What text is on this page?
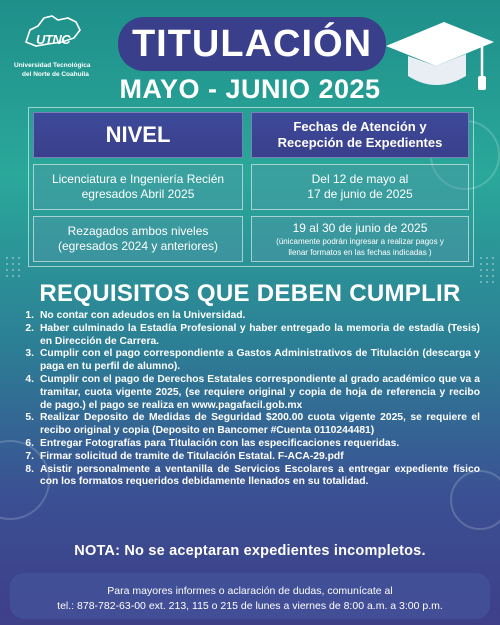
UTNC
Universidad Tecnológica
del Norte de Coahuila
TITULACIÓN
MAYO - JUNIO 2025
NIVEL	Fechas de Atención y
Recepción de Expedientes
Licenciatura e Ingeniería Recién
egresados Abril 2025
Del 12 de mayo al
17 de junio de 2025
Rezagados ambos niveles
(egresados 2024 y anteriores)
19 al 30 de junio de 2025
(únicamente podrán ingresar a realizar pagos y
llenar formatos en las fechas indicadas )
REQUISITOS QUE DEBEN CUMPLIR
1. No contar con adeudos en la Universidad.
2. Haber culminado la Estadía Profesional y haber entregado la memoria de estadía (Tesis) en Dirección de Carrera.
3. Cumplir con el pago correspondiente a Gastos Administrativos de Titulación (descarga y paga en tu perfil de alumno).
4. Cumplir con el pago de Derechos Estatales correspondiente al grado académico que va a tramitar, cuota vigente 2025, (se requiere original y copia de hoja de referencia y recibo de pago.) el pago se realiza en www.pagafacil.gob.mx
5. Realizar Deposito de Medidas de Seguridad $200.00 cuota vigente 2025, se requiere el recibo original y copia (Deposito en Bancomer #Cuenta 0110244481)
6. Entregar Fotografías para Titulación con las especificaciones requeridas.
7. Firmar solicitud de tramite de Titulación Estatal. F-ACA-29.pdf
8. Asistir personalmente a ventanilla de Servicios Escolares a entregar expediente físico con los formatos requeridos debidamente llenados en su totalidad.
NOTA: No se aceptaran expedientes incompletos.
Para mayores informes o aclaración de dudas, comunícate al
tel.: 878-782-63-00 ext. 213, 115 o 215 de lunes a viernes de 8:00 a.m. a 3:00 p.m.
